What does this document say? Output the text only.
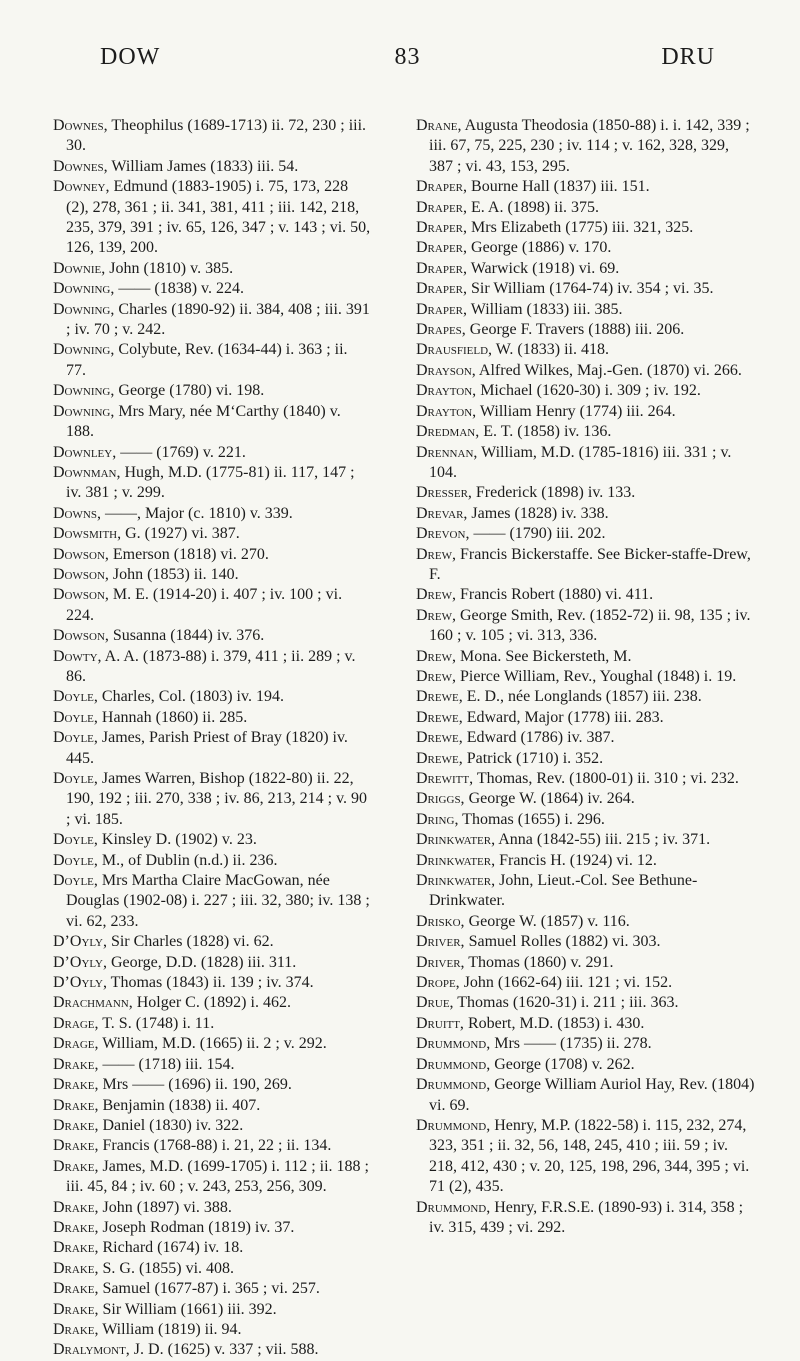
DOW	83	DRU

Downes, Theophilus (1689-1713) ii. 72, 230 ; iii. 30.

Downes, William James (1833) iii. 54.

Downey, Edmund (1883-1905) i. 75, 173, 228 (2), 278, 361 ; ii. 341, 381, 411 ; iii. 142, 218, 235, 379, 391 ; iv. 65, 126, 347 ; v. 143 ; vi. 50, 126, 139, 200.

Downie, John (1810) v. 385.

Downing, —— (1838) v. 224.

Downing, Charles (1890-92) ii. 384, 408 ; iii. 391 ; iv. 70 ; v. 242.

Downing, Colybute, Rev. (1634-44) i. 363 ; ii. 77.

Downing, George (1780) vi. 198.

Downing, Mrs Mary, née M‘Carthy (1840) v. 188.

Downley, —— (1769) v. 221.

Downman, Hugh, M.D. (1775-81) ii. 117, 147 ; iv. 381 ; v. 299.

Downs, ——, Major (c. 1810) v. 339.

Dowsmith, G. (1927) vi. 387.

Dowson, Emerson (1818) vi. 270.

Dowson, John (1853) ii. 140.

Dowson, M. E. (1914-20) i. 407 ; iv. 100 ; vi. 224.

Dowson, Susanna (1844) iv. 376.

Dowty, A. A. (1873-88) i. 379, 411 ; ii. 289 ; v. 86.

Doyle, Charles, Col. (1803) iv. 194.

Doyle, Hannah (1860) ii. 285.

Doyle, James, Parish Priest of Bray (1820) iv. 445.

Doyle, James Warren, Bishop (1822-80) ii. 22, 190, 192 ; iii. 270, 338 ; iv. 86, 213, 214 ; v. 90 ; vi. 185.

Doyle, Kinsley D. (1902) v. 23.

Doyle, M., of Dublin (n.d.) ii. 236.

Doyle, Mrs Martha Claire MacGowan, née Douglas (1902-08) i. 227 ; iii. 32, 380; iv. 138 ; vi. 62, 233.

D’Oyly, Sir Charles (1828) vi. 62.

D’Oyly, George, D.D. (1828) iii. 311.

D’Oyly, Thomas (1843) ii. 139 ; iv. 374.

Drachmann, Holger C. (1892) i. 462.

Drage, T. S. (1748) i. 11.

Drage, William, M.D. (1665) ii. 2 ; v. 292.

Drake, —— (1718) iii. 154.

Drake, Mrs —— (1696) ii. 190, 269.

Drake, Benjamin (1838) ii. 407.

Drake, Daniel (1830) iv. 322.

Drake, Francis (1768-88) i. 21, 22 ; ii. 134.

Drake, James, M.D. (1699-1705) i. 112 ; ii. 188 ; iii. 45, 84 ; iv. 60 ; v. 243, 253, 256, 309.

Drake, John (1897) vi. 388.

Drake, Joseph Rodman (1819) iv. 37.

Drake, Richard (1674) iv. 18.

Drake, S. G. (1855) vi. 408.

Drake, Samuel (1677-87) i. 365 ; vi. 257.

Drake, Sir William (1661) iii. 392.

Drake, William (1819) ii. 94.

Dralymont, J. D. (1625) v. 337 ; vii. 588.

Drane, Augusta Theodosia (1850-88) i. i. 142, 339 ; iii. 67, 75, 225, 230 ; iv. 114 ; v. 162, 328, 329, 387 ; vi. 43, 153, 295.

Draper, Bourne Hall (1837) iii. 151.

Draper, E. A. (1898) ii. 375.

Draper, Mrs Elizabeth (1775) iii. 321, 325.

Draper, George (1886) v. 170.

Draper, Warwick (1918) vi. 69.

Draper, Sir William (1764-74) iv. 354 ; vi. 35.

Draper, William (1833) iii. 385.

Drapes, George F. Travers (1888) iii. 206.

Drausfield, W. (1833) ii. 418.

Drayson, Alfred Wilkes, Maj.-Gen. (1870) vi. 266.

Drayton, Michael (1620-30) i. 309 ; iv. 192.

Drayton, William Henry (1774) iii. 264.

Dredman, E. T. (1858) iv. 136.

Drennan, William, M.D. (1785-1816) iii. 331 ; v. 104.

Dresser, Frederick (1898) iv. 133.

Drevar, James (1828) iv. 338.

Drevon, —— (1790) iii. 202.

Drew, Francis Bickerstaffe. See Bicker-staffe-Drew, F.

Drew, Francis Robert (1880) vi. 411.

Drew, George Smith, Rev. (1852-72) ii. 98, 135 ; iv. 160 ; v. 105 ; vi. 313, 336.

Drew, Mona. See Bickersteth, M.

Drew, Pierce William, Rev., Youghal (1848) i. 19.

Drewe, E. D., née Longlands (1857) iii. 238.

Drewe, Edward, Major (1778) iii. 283.

Drewe, Edward (1786) iv. 387.

Drewe, Patrick (1710) i. 352.

Drewitt, Thomas, Rev. (1800-01) ii. 310 ; vi. 232.

Driggs, George W. (1864) iv. 264.

Dring, Thomas (1655) i. 296.

Drinkwater, Anna (1842-55) iii. 215 ; iv. 371.

Drinkwater, Francis H. (1924) vi. 12.

Drinkwater, John, Lieut.-Col. See Bethune-Drinkwater.

Drisko, George W. (1857) v. 116.

Driver, Samuel Rolles (1882) vi. 303.

Driver, Thomas (1860) v. 291.

Drope, John (1662-64) iii. 121 ; vi. 152.

Drue, Thomas (1620-31) i. 211 ; iii. 363.

Druitt, Robert, M.D. (1853) i. 430.

Drummond, Mrs —— (1735) ii. 278.

Drummond, George (1708) v. 262.

Drummond, George William Auriol Hay, Rev. (1804) vi. 69.

Drummond, Henry, M.P. (1822-58) i. 115, 232, 274, 323, 351 ; ii. 32, 56, 148, 245, 410 ; iii. 59 ; iv. 218, 412, 430 ; v. 20, 125, 198, 296, 344, 395 ; vi. 71 (2), 435.

Drummond, Henry, F.R.S.E. (1890-93) i. 314, 358 ; iv. 315, 439 ; vi. 292.
